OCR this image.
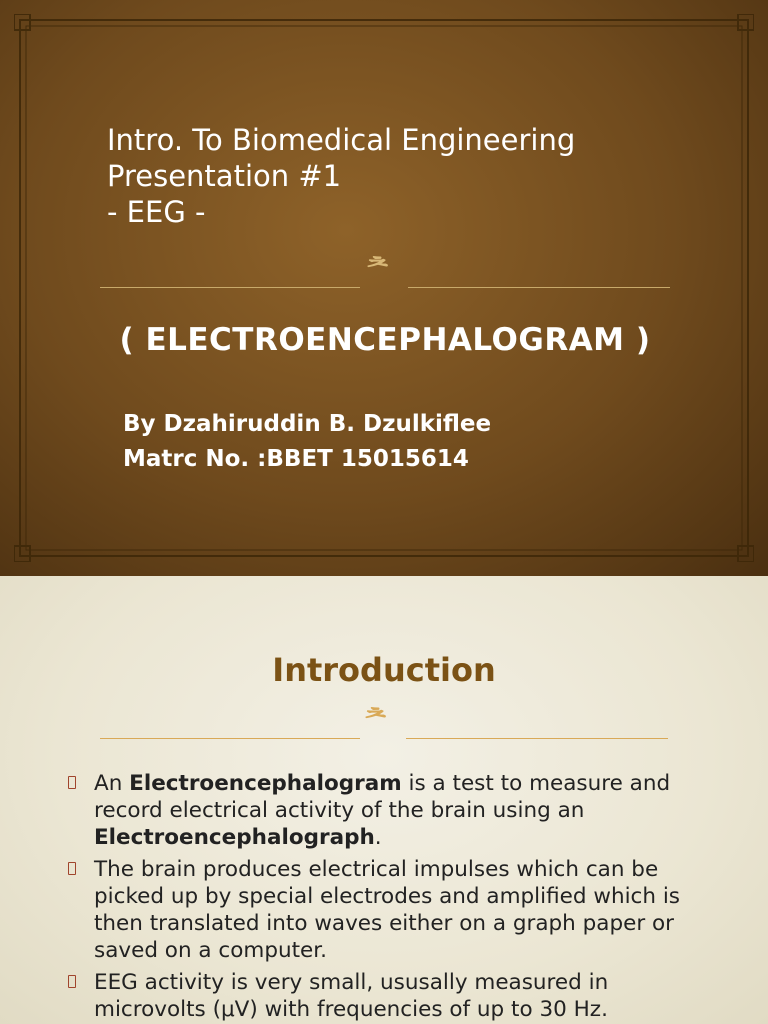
Intro. To Biomedical Engineering
Presentation #1
- EEG -
ᄎ
( ELECTROENCEPHALOGRAM )
By Dzahiruddin B. Dzulkiflee
Matrc No. :BBET 15015614
Introduction
ᄎ
An Electroencephalogram is a test to measure and record electrical activity of the brain using an Electroencephalograph.
The brain produces electrical impulses which can be picked up by special electrodes and amplified which is then translated into waves either on a graph paper or saved on a computer.
EEG activity is very small, ususally measured in microvolts (μV) with frequencies of up to 30 Hz.
